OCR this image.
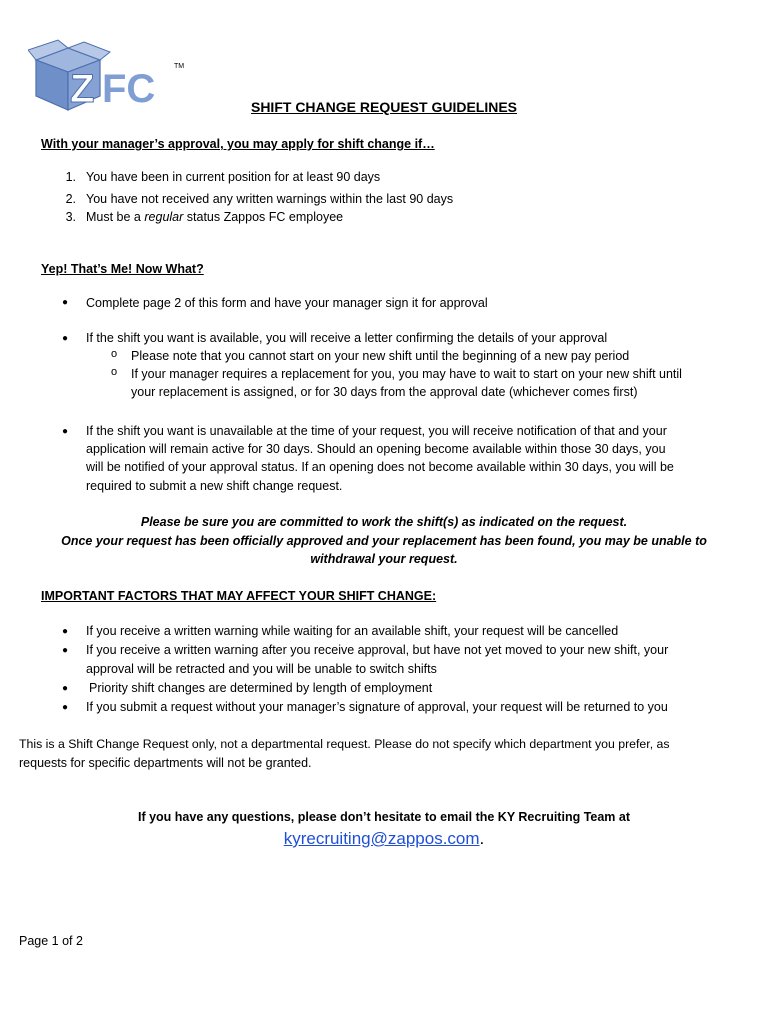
Z FC
TM
SHIFT CHANGE REQUEST GUIDELINES
With your manager’s approval, you may apply for shift change if…
1. You have been in current position for at least 90 days
2. You have not received any written warnings within the last 90 days
3. Must be a regular status Zappos FC employee
Yep! That’s Me! Now What?
● Complete page 2 of this form and have your manager sign it for approval
● If the shift you want is available, you will receive a letter confirming the details of your approval
o Please note that you cannot start on your new shift until the beginning of a new pay period
o If your manager requires a replacement for you, you may have to wait to start on your new shift until
your replacement is assigned, or for 30 days from the approval date (whichever comes first)
● If the shift you want is unavailable at the time of your request, you will receive notification of that and your
application will remain active for 30 days. Should an opening become available within those 30 days, you
will be notified of your approval status. If an opening does not become available within 30 days, you will be
required to submit a new shift change request.
Please be sure you are committed to work the shift(s) as indicated on the request.
Once your request has been officially approved and your replacement has been found, you may be unable to
withdrawal your request.
IMPORTANT FACTORS THAT MAY AFFECT YOUR SHIFT CHANGE:
● If you receive a written warning while waiting for an available shift, your request will be cancelled
● If you receive a written warning after you receive approval, but have not yet moved to your new shift, your
approval will be retracted and you will be unable to switch shifts
● Priority shift changes are determined by length of employment
● If you submit a request without your manager’s signature of approval, your request will be returned to you
This is a Shift Change Request only, not a departmental request. Please do not specify which department you prefer, as
requests for specific departments will not be granted.
If you have any questions, please don’t hesitate to email the KY Recruiting Team at
kyrecruiting@zappos.com.
Page 1 of 2
